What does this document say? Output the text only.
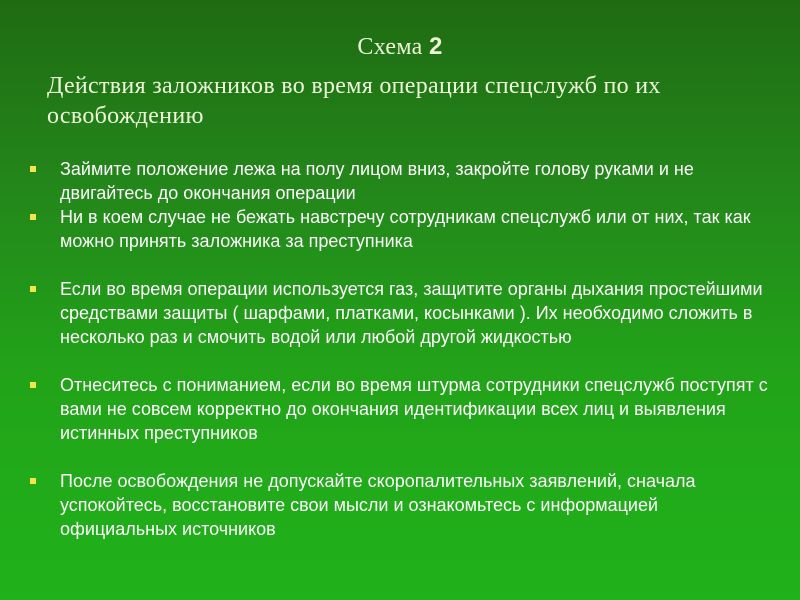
Схема 2
Действия заложников во время операции спецслужб по их освобождению
Займите положение лежа на полу лицом вниз, закройте голову руками и не двигайтесь до окончания операции
Ни в коем случае не бежать навстречу сотрудникам спецслужб или от них, так как можно принять заложника за преступника
Если во время операции используется газ, защитите органы дыхания простейшими средствами защиты ( шарфами, платками, косынками ). Их необходимо сложить в несколько раз и смочить водой или любой другой жидкостью
Отнеситесь с пониманием, если во время штурма сотрудники спецслужб поступят с вами не совсем корректно до окончания идентификации всех лиц и выявления истинных преступников
После освобождения не допускайте скоропалительных заявлений, сначала успокойтесь, восстановите свои мысли и ознакомьтесь с информацией официальных источников
